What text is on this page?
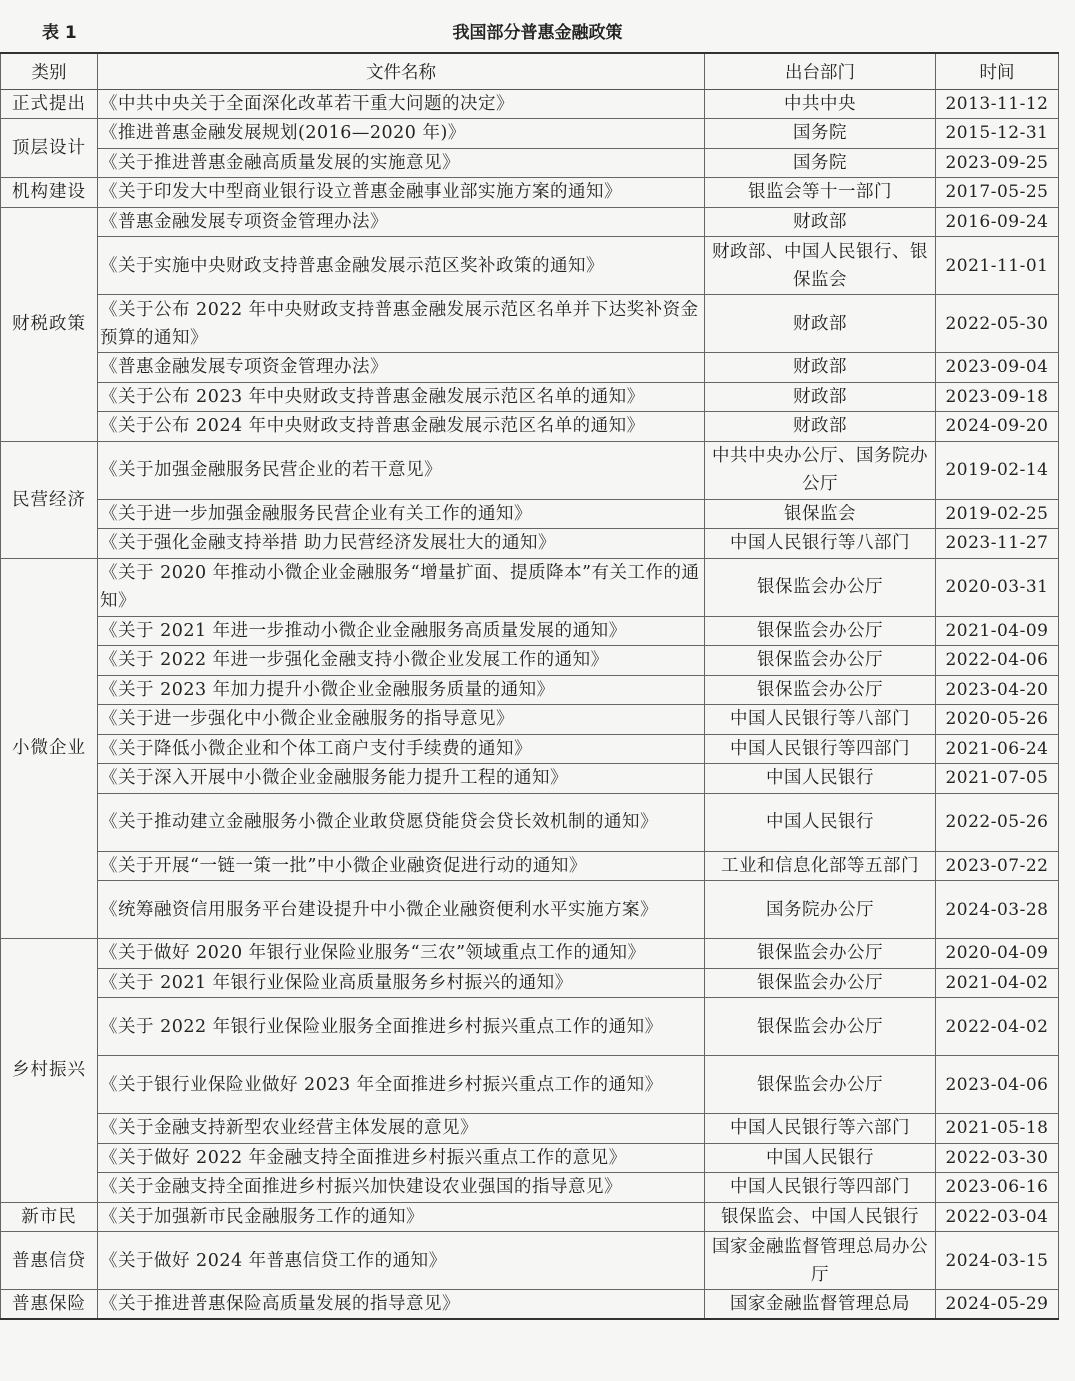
表 1	我国部分普惠金融政策
类别	文件名称	出台部门	时间
正式提出	《中共中央关于全面深化改革若干重大问题的决定》	中共中央	2013-11-12
顶层设计	《推进普惠金融发展规划(2016—2020 年)》	国务院	2015-12-31
	《关于推进普惠金融高质量发展的实施意见》	国务院	2023-09-25
机构建设	《关于印发大中型商业银行设立普惠金融事业部实施方案的通知》	银监会等十一部门	2017-05-25
财税政策	《普惠金融发展专项资金管理办法》	财政部	2016-09-24
	《关于实施中央财政支持普惠金融发展示范区奖补政策的通知》	财政部、中国人民银行、银保监会	2021-11-01
	《关于公布 2022 年中央财政支持普惠金融发展示范区名单并下达奖补资金预算的通知》	财政部	2022-05-30
	《普惠金融发展专项资金管理办法》	财政部	2023-09-04
	《关于公布 2023 年中央财政支持普惠金融发展示范区名单的通知》	财政部	2023-09-18
	《关于公布 2024 年中央财政支持普惠金融发展示范区名单的通知》	财政部	2024-09-20
民营经济	《关于加强金融服务民营企业的若干意见》	中共中央办公厅、国务院办公厅	2019-02-14
	《关于进一步加强金融服务民营企业有关工作的通知》	银保监会	2019-02-25
	《关于强化金融支持举措 助力民营经济发展壮大的通知》	中国人民银行等八部门	2023-11-27
小微企业	《关于 2020 年推动小微企业金融服务“增量扩面、提质降本”有关工作的通知》	银保监会办公厅	2020-03-31
	《关于 2021 年进一步推动小微企业金融服务高质量发展的通知》	银保监会办公厅	2021-04-09
	《关于 2022 年进一步强化金融支持小微企业发展工作的通知》	银保监会办公厅	2022-04-06
	《关于 2023 年加力提升小微企业金融服务质量的通知》	银保监会办公厅	2023-04-20
	《关于进一步强化中小微企业金融服务的指导意见》	中国人民银行等八部门	2020-05-26
	《关于降低小微企业和个体工商户支付手续费的通知》	中国人民银行等四部门	2021-06-24
	《关于深入开展中小微企业金融服务能力提升工程的通知》	中国人民银行	2021-07-05
	《关于推动建立金融服务小微企业敢贷愿贷能贷会贷长效机制的通知》	中国人民银行	2022-05-26
	《关于开展“一链一策一批”中小微企业融资促进行动的通知》	工业和信息化部等五部门	2023-07-22
	《统筹融资信用服务平台建设提升中小微企业融资便利水平实施方案》	国务院办公厅	2024-03-28
乡村振兴	《关于做好 2020 年银行业保险业服务“三农”领域重点工作的通知》	银保监会办公厅	2020-04-09
	《关于 2021 年银行业保险业高质量服务乡村振兴的通知》	银保监会办公厅	2021-04-02
	《关于 2022 年银行业保险业服务全面推进乡村振兴重点工作的通知》	银保监会办公厅	2022-04-02
	《关于银行业保险业做好 2023 年全面推进乡村振兴重点工作的通知》	银保监会办公厅	2023-04-06
	《关于金融支持新型农业经营主体发展的意见》	中国人民银行等六部门	2021-05-18
	《关于做好 2022 年金融支持全面推进乡村振兴重点工作的意见》	中国人民银行	2022-03-30
	《关于金融支持全面推进乡村振兴加快建设农业强国的指导意见》	中国人民银行等四部门	2023-06-16
新市民	《关于加强新市民金融服务工作的通知》	银保监会、中国人民银行	2022-03-04
普惠信贷	《关于做好 2024 年普惠信贷工作的通知》	国家金融监督管理总局办公厅	2024-03-15
普惠保险	《关于推进普惠保险高质量发展的指导意见》	国家金融监督管理总局	2024-05-29
